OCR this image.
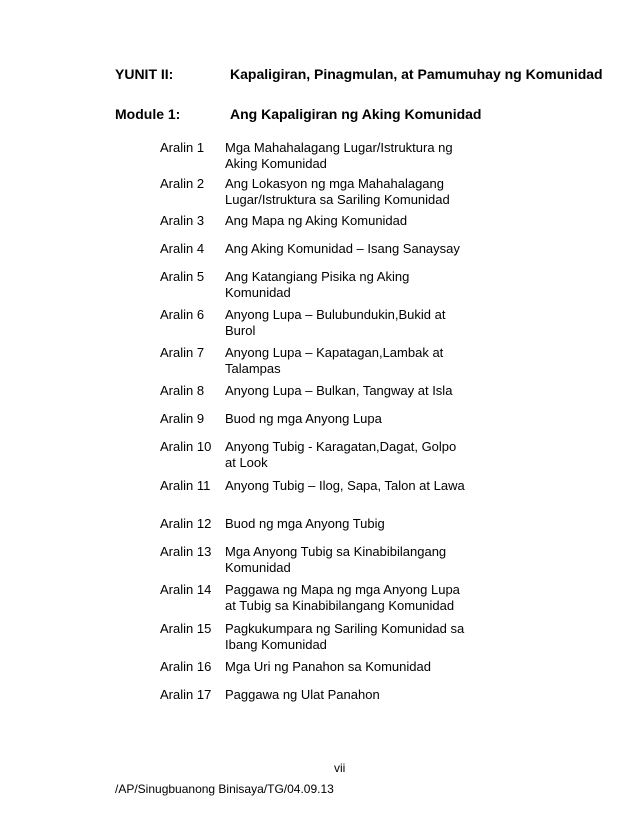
YUNIT II:	Kapaligiran, Pinagmulan, at Pamumuhay ng Komunidad
Module 1:	Ang Kapaligiran ng Aking Komunidad
Aralin 1 Mga Mahahalagang Lugar/Istruktura ng Aking Komunidad
Aralin 2 Ang Lokasyon ng mga Mahahalagang Lugar/Istruktura sa Sariling Komunidad
Aralin 3 Ang Mapa ng Aking Komunidad
Aralin 4 Ang Aking Komunidad – Isang Sanaysay
Aralin 5 Ang Katangiang Pisika ng Aking Komunidad
Aralin 6 Anyong Lupa – Bulubundukin,Bukid at Burol
Aralin 7 Anyong Lupa – Kapatagan,Lambak at Talampas
Aralin 8 Anyong Lupa – Bulkan, Tangway at Isla
Aralin 9 Buod ng mga Anyong Lupa
Aralin 10 Anyong Tubig - Karagatan,Dagat, Golpo at Look
Aralin 11 Anyong Tubig – Ilog, Sapa, Talon at Lawa
Aralin 12 Buod ng mga Anyong Tubig
Aralin 13 Mga Anyong Tubig sa Kinabibilangang Komunidad
Aralin 14 Paggawa ng Mapa ng mga Anyong Lupa at Tubig sa Kinabibilangang Komunidad
Aralin 15 Pagkukumpara ng Sariling Komunidad sa Ibang Komunidad
Aralin 16 Mga Uri ng Panahon sa Komunidad
Aralin 17 Paggawa ng Ulat Panahon
vii
/AP/Sinugbuanong Binisaya/TG/04.09.13
